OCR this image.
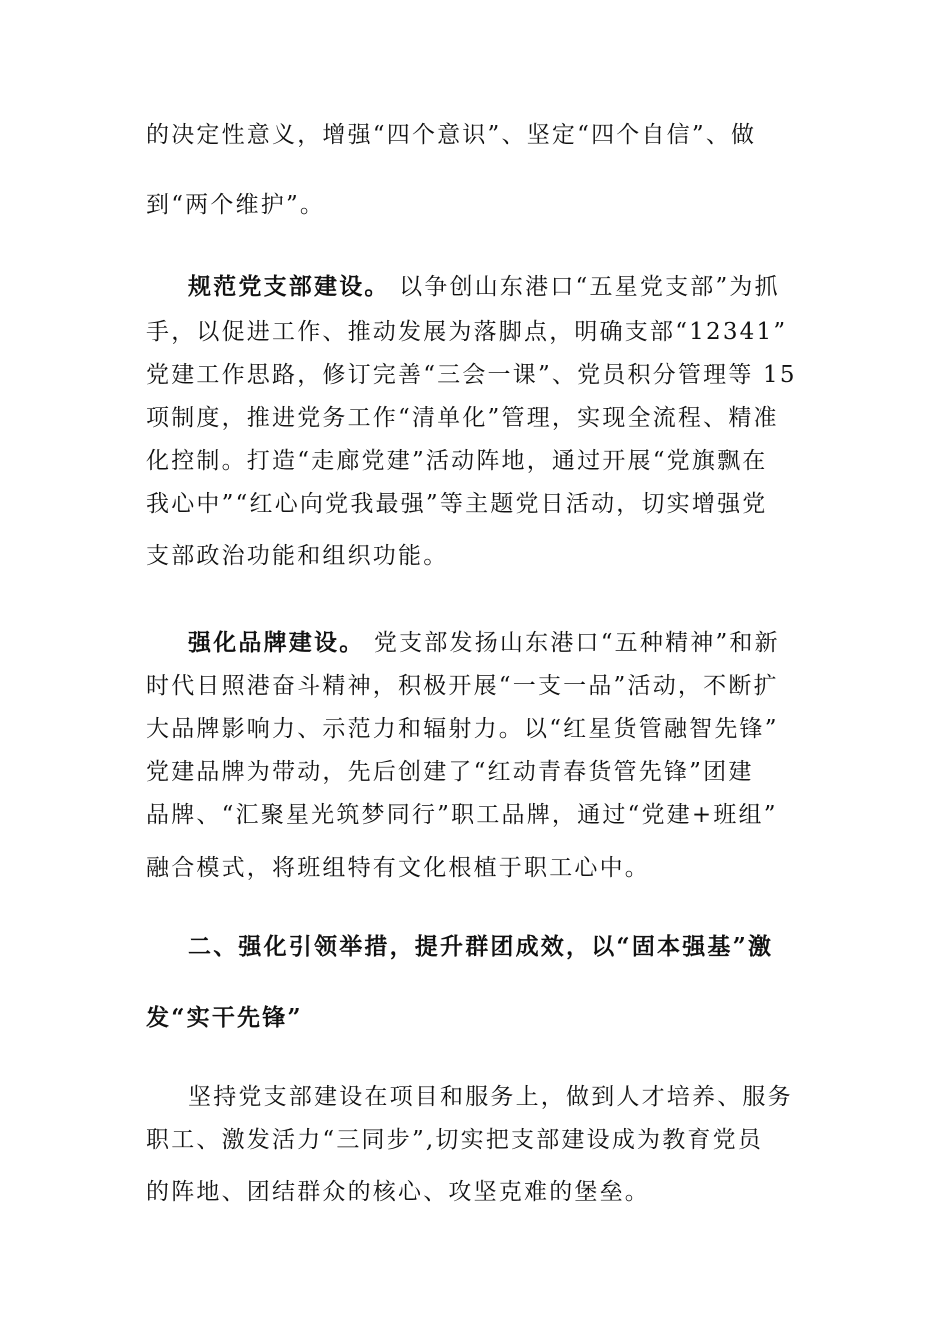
的决定性意义，增强“四个意识”、坚定“四个自信”、做
到“两个维护”。
规范党支部建设。 以争创山东港口“五星党支部”为抓
手，以促进工作、推动发展为落脚点，明确支部“12341”
党建工作思路，修订完善“三会一课”、党员积分管理等 15
项制度，推进党务工作“清单化”管理，实现全流程、精准
化控制。打造“走廊党建”活动阵地，通过开展“党旗飘在
我心中”“红心向党我最强”等主题党日活动，切实增强党
支部政治功能和组织功能。
强化品牌建设。 党支部发扬山东港口“五种精神”和新
时代日照港奋斗精神，积极开展“一支一品”活动，不断扩
大品牌影响力、示范力和辐射力。以“红星货管融智先锋”
党建品牌为带动，先后创建了“红动青春货管先锋”团建
品牌、“汇聚星光筑梦同行”职工品牌，通过“党建+班组”
融合模式，将班组特有文化根植于职工心中。
二、强化引领举措，提升群团成效，以“固本强基”激
发“实干先锋”
坚持党支部建设在项目和服务上，做到人才培养、服务
职工、激发活力“三同步”,切实把支部建设成为教育党员
的阵地、团结群众的核心、攻坚克难的堡垒。
